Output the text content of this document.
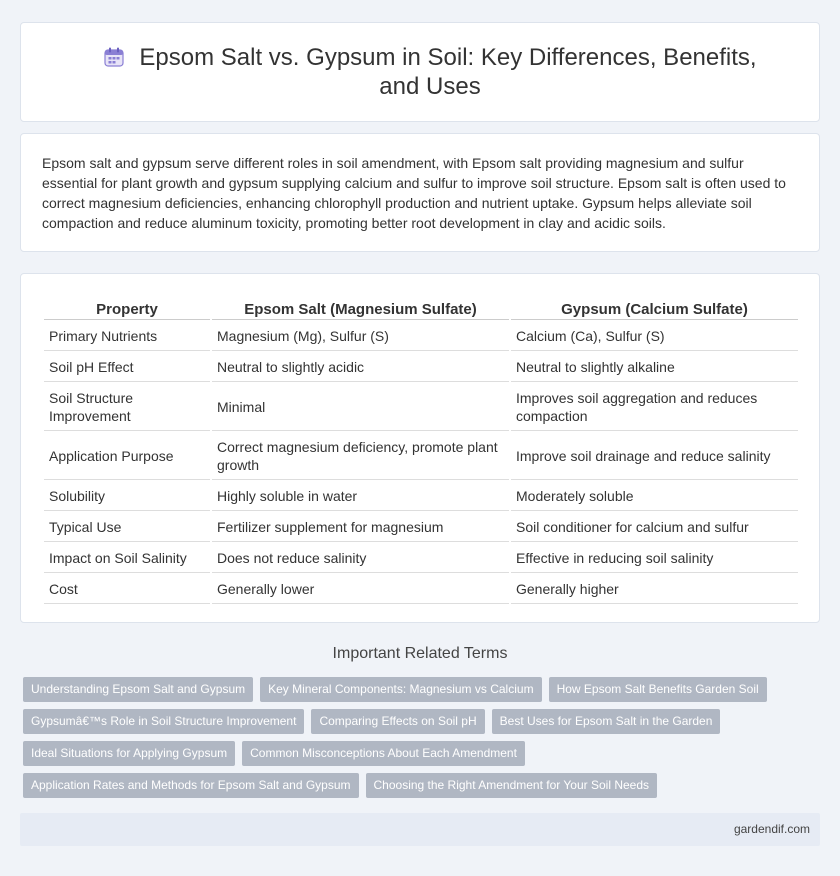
Epsom Salt vs. Gypsum in Soil: Key Differences, Benefits, and Uses

Epsom salt and gypsum serve different roles in soil amendment, with Epsom salt providing magnesium and sulfur essential for plant growth and gypsum supplying calcium and sulfur to improve soil structure. Epsom salt is often used to correct magnesium deficiencies, enhancing chlorophyll production and nutrient uptake. Gypsum helps alleviate soil compaction and reduce aluminum toxicity, promoting better root development in clay and acidic soils.

Property	Epsom Salt (Magnesium Sulfate)	Gypsum (Calcium Sulfate)
Primary Nutrients	Magnesium (Mg), Sulfur (S)	Calcium (Ca), Sulfur (S)
Soil pH Effect	Neutral to slightly acidic	Neutral to slightly alkaline
Soil Structure Improvement	Minimal	Improves soil aggregation and reduces compaction
Application Purpose	Correct magnesium deficiency, promote plant growth	Improve soil drainage and reduce salinity
Solubility	Highly soluble in water	Moderately soluble
Typical Use	Fertilizer supplement for magnesium	Soil conditioner for calcium and sulfur
Impact on Soil Salinity	Does not reduce salinity	Effective in reducing soil salinity
Cost	Generally lower	Generally higher
Important Related Terms
Understanding Epsom Salt and Gypsum	Key Mineral Components: Magnesium vs Calcium	How Epsom Salt Benefits Garden Soil
Gypsumâ€™s Role in Soil Structure Improvement	Comparing Effects on Soil pH	Best Uses for Epsom Salt in the Garden
Ideal Situations for Applying Gypsum	Common Misconceptions About Each Amendment
Application Rates and Methods for Epsom Salt and Gypsum	Choosing the Right Amendment for Your Soil Needs
gardendif.com
